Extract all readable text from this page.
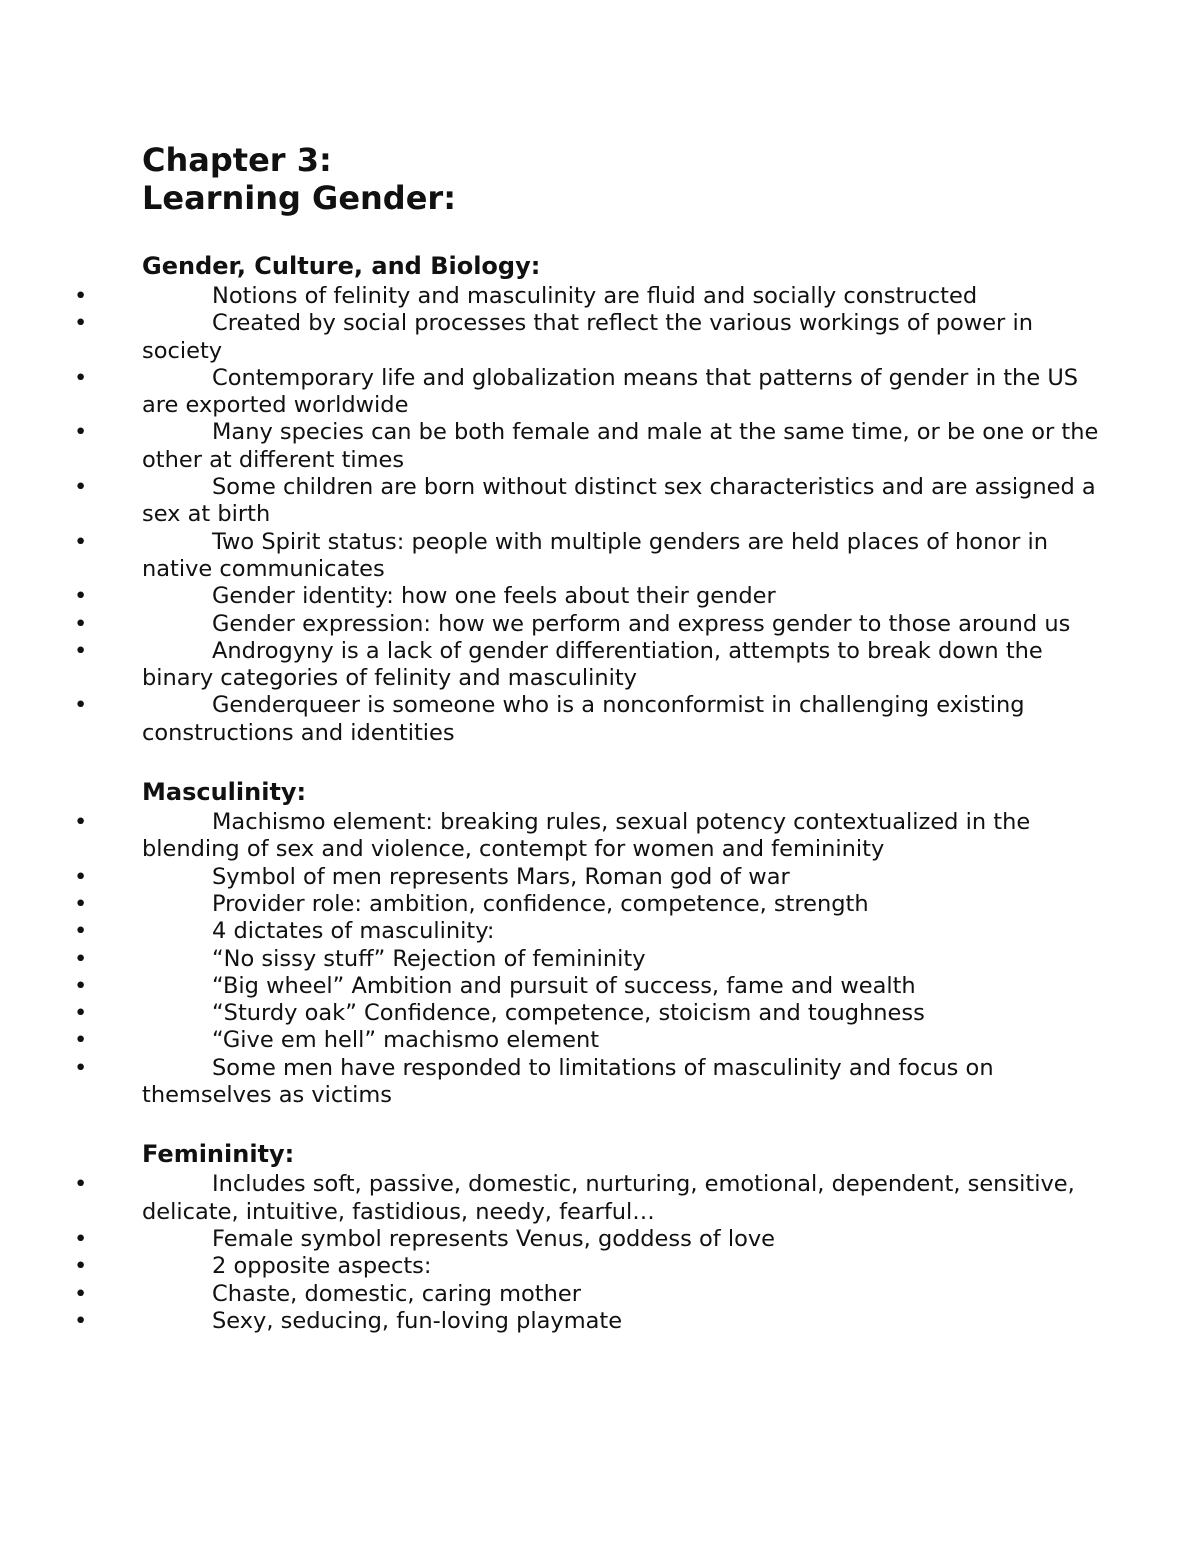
Chapter 3:
Learning Gender:
Gender, Culture, and Biology:
• Notions of felinity and masculinity are fluid and socially constructed
• Created by social processes that reflect the various workings of power in society
• Contemporary life and globalization means that patterns of gender in the US are exported worldwide
• Many species can be both female and male at the same time, or be one or the other at different times
• Some children are born without distinct sex characteristics and are assigned a sex at birth
• Two Spirit status: people with multiple genders are held places of honor in native communicates
• Gender identity: how one feels about their gender
• Gender expression: how we perform and express gender to those around us
• Androgyny is a lack of gender differentiation, attempts to break down the binary categories of felinity and masculinity
• Genderqueer is someone who is a nonconformist in challenging existing constructions and identities
Masculinity:
• Machismo element: breaking rules, sexual potency contextualized in the blending of sex and violence, contempt for women and femininity
• Symbol of men represents Mars, Roman god of war
• Provider role: ambition, confidence, competence, strength
• 4 dictates of masculinity:
• “No sissy stuff” Rejection of femininity
• “Big wheel” Ambition and pursuit of success, fame and wealth
• “Sturdy oak” Confidence, competence, stoicism and toughness
• “Give em hell” machismo element
• Some men have responded to limitations of masculinity and focus on themselves as victims
Femininity:
• Includes soft, passive, domestic, nurturing, emotional, dependent, sensitive, delicate, intuitive, fastidious, needy, fearful…
• Female symbol represents Venus, goddess of love
• 2 opposite aspects:
• Chaste, domestic, caring mother
• Sexy, seducing, fun-loving playmate
